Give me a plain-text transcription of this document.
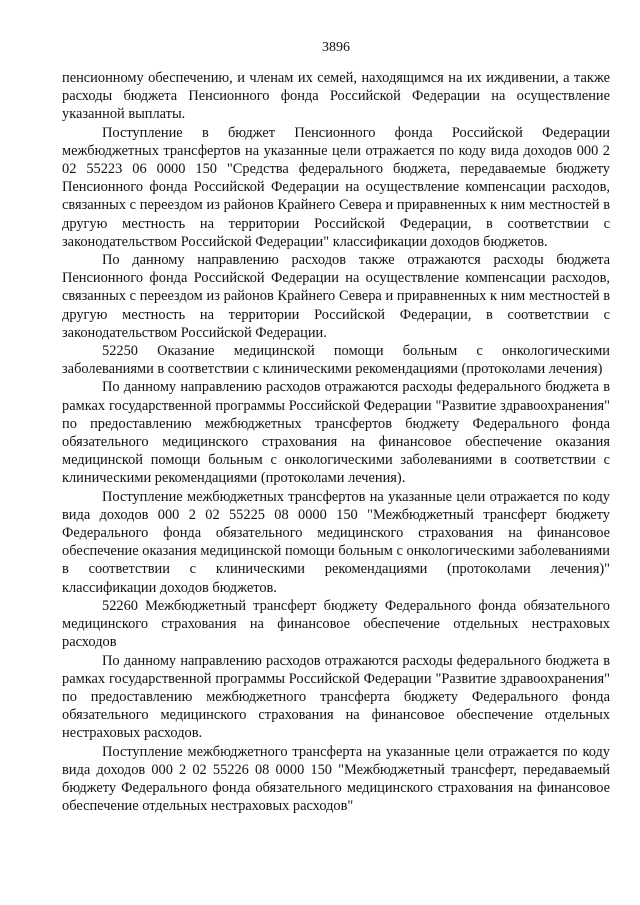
3896

пенсионному обеспечению, и членам их семей, находящимся на их иждивении, а также расходы бюджета Пенсионного фонда Российской Федерации на осуществление указанной выплаты.

Поступление в бюджет Пенсионного фонда Российской Федерации межбюджетных трансфертов на указанные цели отражается по коду вида доходов 000 2 02 55223 06 0000 150 "Средства федерального бюджета, передаваемые бюджету Пенсионного фонда Российской Федерации на осуществление компенсации расходов, связанных с переездом из районов Крайнего Севера и приравненных к ним местностей в другую местность на территории Российской Федерации, в соответствии с законодательством Российской Федерации" классификации доходов бюджетов.

По данному направлению расходов также отражаются расходы бюджета Пенсионного фонда Российской Федерации на осуществление компенсации расходов, связанных с переездом из районов Крайнего Севера и приравненных к ним местностей в другую местность на территории Российской Федерации, в соответствии с законодательством Российской Федерации.

52250 Оказание медицинской помощи больным с онкологическими заболеваниями в соответствии с клиническими рекомендациями (протоколами лечения)

По данному направлению расходов отражаются расходы федерального бюджета в рамках государственной программы Российской Федерации "Развитие здравоохранения" по предоставлению межбюджетных трансфертов бюджету Федерального фонда обязательного медицинского страхования на финансовое обеспечение оказания медицинской помощи больным с онкологическими заболеваниями в соответствии с клиническими рекомендациями (протоколами лечения).

Поступление межбюджетных трансфертов на указанные цели отражается по коду вида доходов 000 2 02 55225 08 0000 150 "Межбюджетный трансферт бюджету Федерального фонда обязательного медицинского страхования на финансовое обеспечение оказания медицинской помощи больным с онкологическими заболеваниями в соответствии с клиническими рекомендациями (протоколами лечения)" классификации доходов бюджетов.

52260 Межбюджетный трансферт бюджету Федерального фонда обязательного медицинского страхования на финансовое обеспечение отдельных нестраховых расходов

По данному направлению расходов отражаются расходы федерального бюджета в рамках государственной программы Российской Федерации "Развитие здравоохранения" по предоставлению межбюджетного трансферта бюджету Федерального фонда обязательного медицинского страхования на финансовое обеспечение отдельных нестраховых расходов.

Поступление межбюджетного трансферта на указанные цели отражается по коду вида доходов 000 2 02 55226 08 0000 150 "Межбюджетный трансферт, передаваемый бюджету Федерального фонда обязательного медицинского страхования на финансовое обеспечение отдельных нестраховых расходов"
